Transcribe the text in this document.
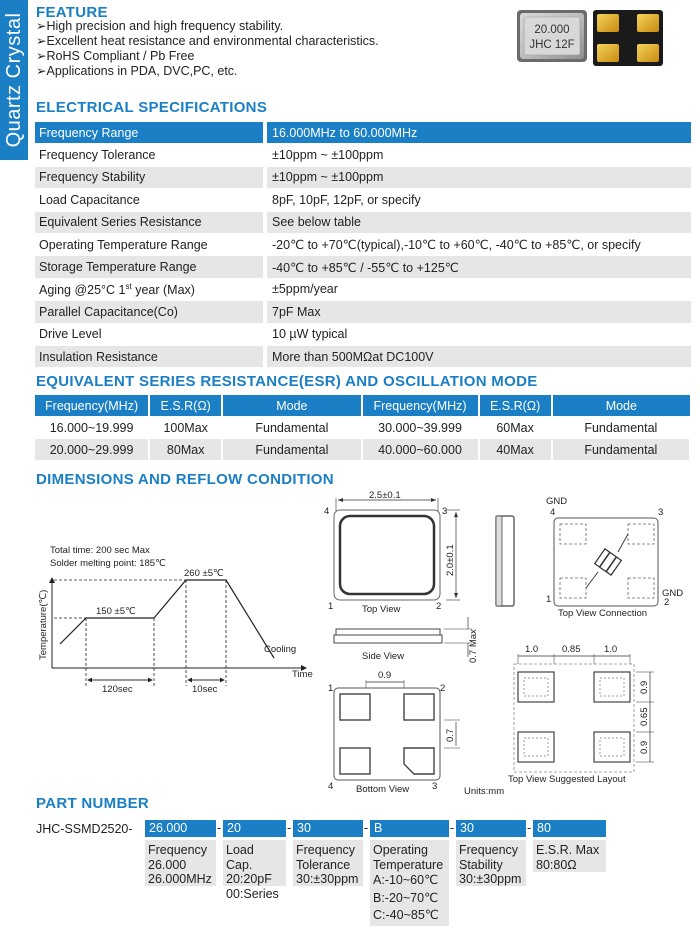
Quartz Crystal
FEATURE
➢High precision and high frequency stability.
➢Excellent heat resistance and environmental characteristics.
➢RoHS Compliant / Pb Free
➢Applications in PDA, DVC,PC, etc.
20.000
JHC 12F
ELECTRICAL SPECIFICATIONS
Frequency Range		16.000MHz to 60.000MHz
Frequency Tolerance		±10ppm ~ ±100ppm
Frequency Stability		±10ppm ~ ±100ppm
Load Capacitance		8pF, 10pF, 12pF, or specify
Equivalent Series Resistance		See below table
Operating Temperature Range		-20℃ to +70℃(typical),-10℃ to +60℃, -40℃ to +85℃, or specify
Storage Temperature Range		-40℃ to +85℃ / -55℃ to +125℃
Aging @25°C 1st year (Max)		±5ppm/year
Parallel Capacitance(Co)		7pF Max
Drive Level		10 µW typical
Insulation Resistance		More than 500MΩat DC100V
EQUIVALENT SERIES RESISTANCE(ESR) AND OSCILLATION MODE
Frequency(MHz)	E.S.R(Ω)	Mode	Frequency(MHz)	E.S.R(Ω)	Mode
16.000~19.999	100Max	Fundamental	30.000~39.999	60Max	Fundamental
20.000~29.999	80Max	Fundamental	40.000~60.000	40Max	Fundamental
DIMENSIONS AND REFLOW CONDITION
Total time: 200 sec Max
Solder melting point: 185℃
Temperature(℃)
Time
150 ±5℃
260 ±5℃
Cooling
120sec	10sec
2.5±0.1
4	3
1	2
2.0±0.1
Top View
0.7 Max
Side View
0.9
1	2
4	3
0.7
Bottom View	Units:mm
GND
4	3
1
GND
2
Top View Connection
1.0	0.85 1.0
0.9
0.65
0.9
Top View Suggested Layout
PART NUMBER
JHC-SSMD2520-	26.000	- 20	- 30	- B	- 30	- 80
Frequency
26.000
26.000MHz
Load Cap.
20:20pF
00:Series
Frequency
Tolerance
30:±30ppm
Operating
Temperature
A:-10~60℃
B:-20~70℃
C:-40~85℃
Frequency
Stability
30:±30ppm
E.S.R. Max
80:80Ω
